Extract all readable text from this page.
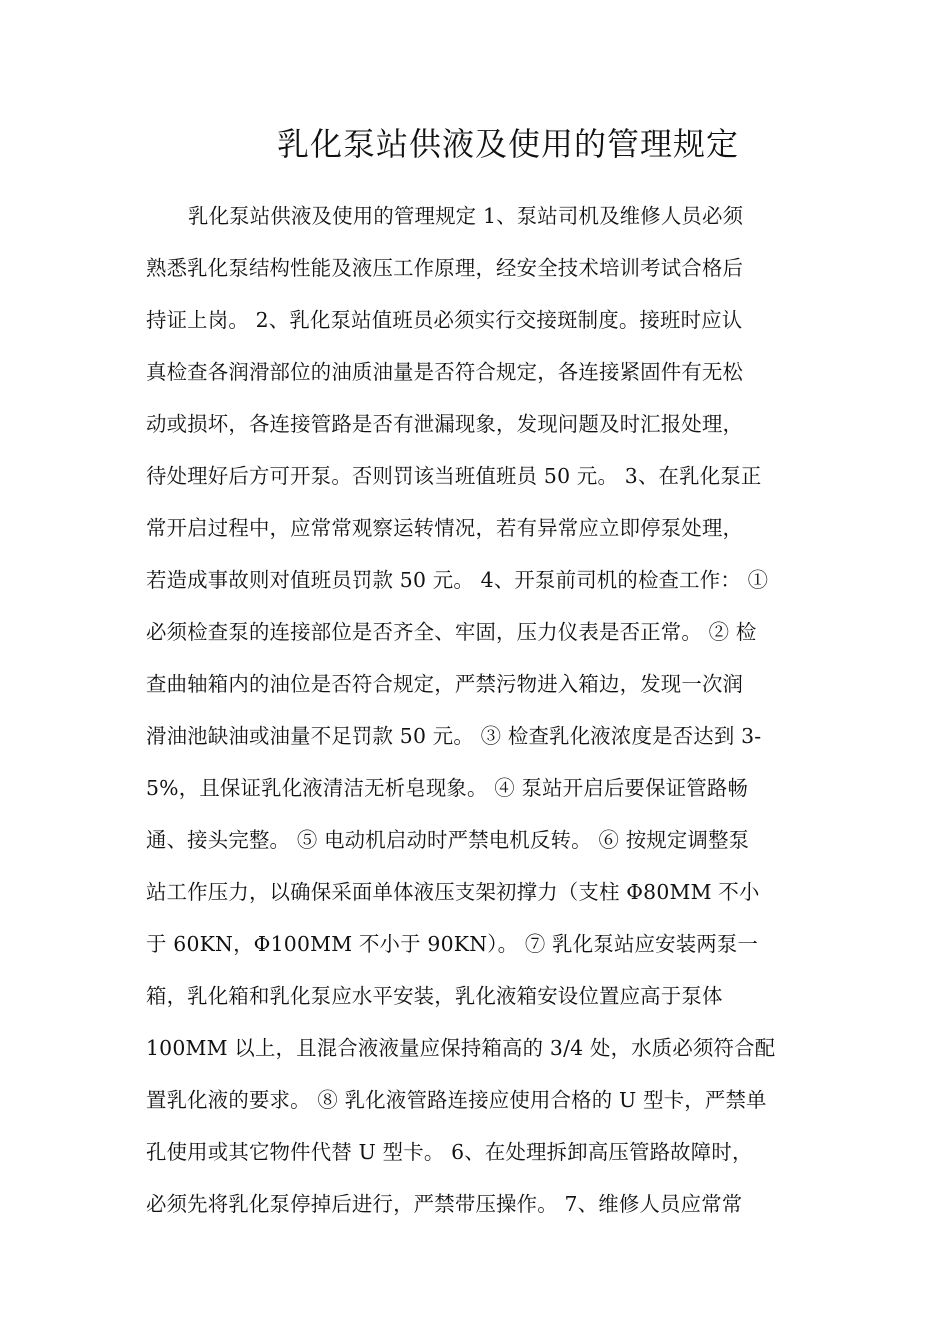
乳化泵站供液及使用的管理规定
乳化泵站供液及使用的管理规定 1、泵站司机及维修人员必须
熟悉乳化泵结构性能及液压工作原理，经安全技术培训考试合格后
持证上岗。 2、乳化泵站值班员必须实行交接斑制度。接班时应认
真检查各润滑部位的油质油量是否符合规定，各连接紧固件有无松
动或损坏，各连接管路是否有泄漏现象，发现问题及时汇报处理，
待处理好后方可开泵。否则罚该当班值班员 50 元。 3、在乳化泵正
常开启过程中，应常常观察运转情况，若有异常应立即停泵处理，
若造成事故则对值班员罚款 50 元。 4、开泵前司机的检查工作： ①
必须检查泵的连接部位是否齐全、牢固，压力仪表是否正常。 ② 检
查曲轴箱内的油位是否符合规定，严禁污物进入箱边，发现一次润
滑油池缺油或油量不足罚款 50 元。 ③ 检查乳化液浓度是否达到 3-
5%，且保证乳化液清洁无析皂现象。 ④ 泵站开启后要保证管路畅
通、接头完整。 ⑤ 电动机启动时严禁电机反转。 ⑥ 按规定调整泵
站工作压力，以确保采面单体液压支架初撑力（支柱 Φ80MM 不小
于 60KN，Φ100MM 不小于 90KN）。 ⑦ 乳化泵站应安装两泵一
箱，乳化箱和乳化泵应水平安装，乳化液箱安设位置应高于泵体
100MM 以上，且混合液液量应保持箱高的 3/4 处，水质必须符合配
置乳化液的要求。 ⑧ 乳化液管路连接应使用合格的 U 型卡，严禁单
孔使用或其它物件代替 U 型卡。 6、在处理拆卸高压管路故障时，
必须先将乳化泵停掉后进行，严禁带压操作。 7、维修人员应常常
